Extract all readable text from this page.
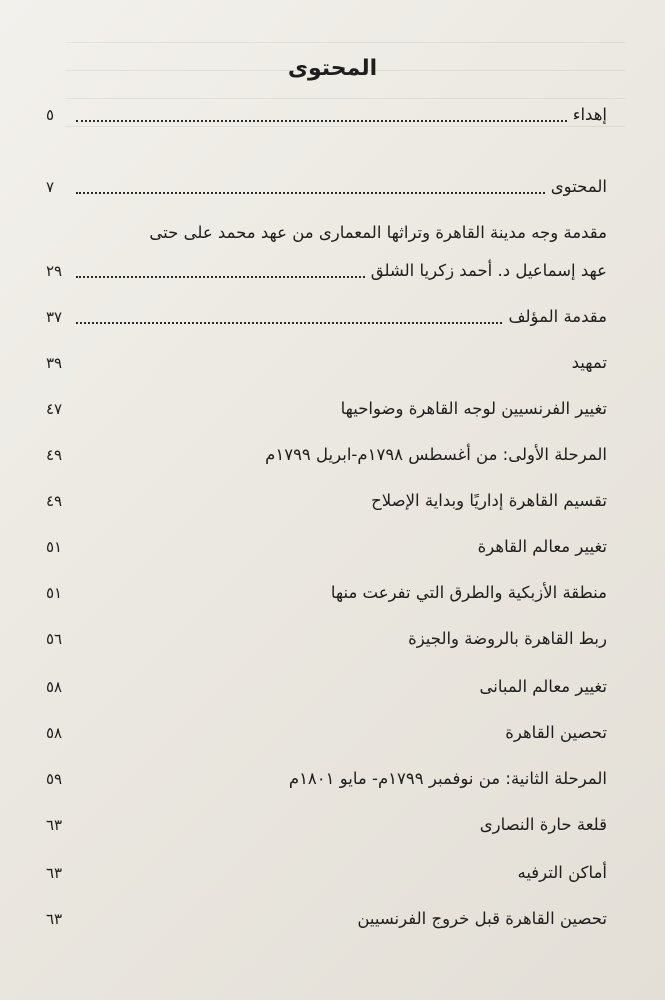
المحتوى
إهداء
٥
المحتوى
٧
مقدمة وجه مدينة القاهرة وتراثها المعمارى من عهد محمد على حتى
عهد إسماعيل د. أحمد زكريا الشلق
٢٩
مقدمة المؤلف
٣٧
تمهيد
٣٩
تغيير الفرنسيين لوجه القاهرة وضواحيها
٤٧
المرحلة الأولى: من أغسطس ١٧٩٨م-ابريل ١٧٩٩م
٤٩
تقسيم القاهرة إداريًا وبداية الإصلاح
٤٩
تغيير معالم القاهرة
٥١
منطقة الأزبكية والطرق التي تفرعت منها
٥١
ربط القاهرة بالروضة والجيزة
٥٦
تغيير معالم المبانى
٥٨
تحصين القاهرة
٥٨
المرحلة الثانية: من نوفمبر ١٧٩٩م- مايو ١٨٠١م
٥٩
قلعة حارة النصارى
٦٣
أماكن الترفيه
٦٣
تحصين القاهرة قبل خروج الفرنسيين
٦٣
